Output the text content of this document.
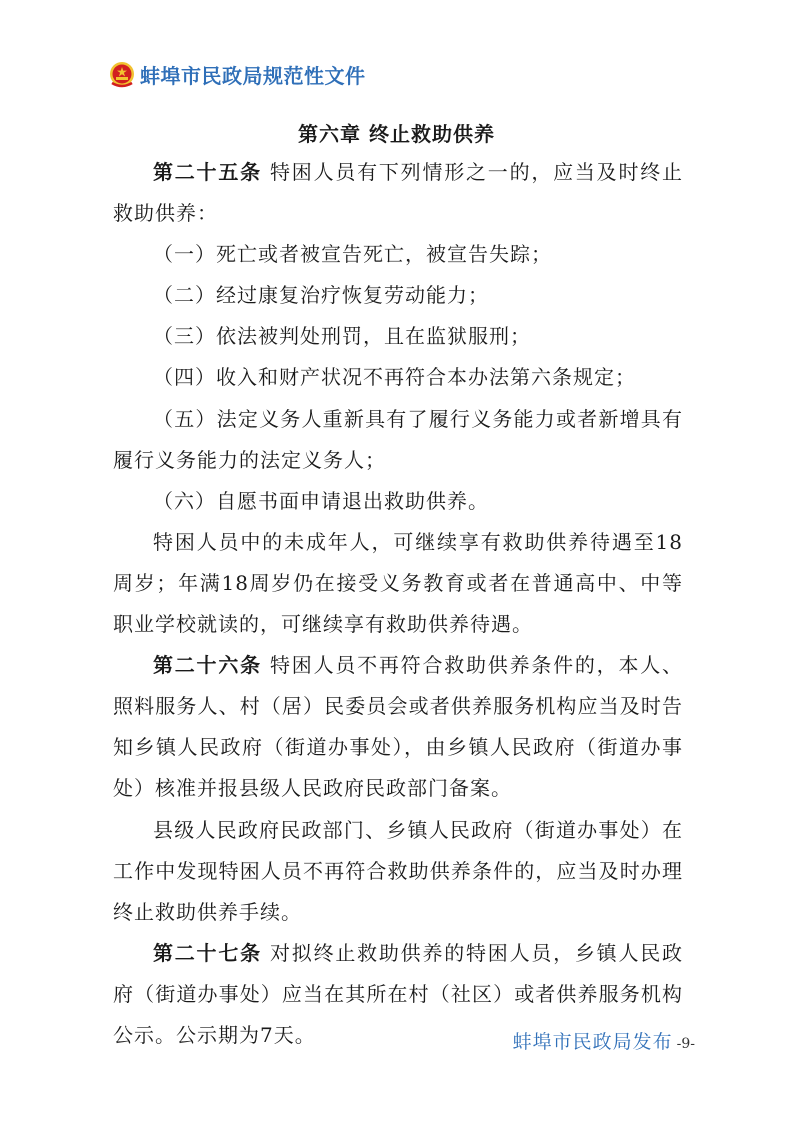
蚌埠市民政局规范性文件
第六章 终止救助供养

第二十五条 特困人员有下列情形之一的，应当及时终止救助供养：

（一）死亡或者被宣告死亡，被宣告失踪；

（二）经过康复治疗恢复劳动能力；

（三）依法被判处刑罚，且在监狱服刑；

（四）收入和财产状况不再符合本办法第六条规定；

（五）法定义务人重新具有了履行义务能力或者新增具有履行义务能力的法定义务人；

（六）自愿书面申请退出救助供养。

特困人员中的未成年人，可继续享有救助供养待遇至18周岁；年满18周岁仍在接受义务教育或者在普通高中、中等职业学校就读的，可继续享有救助供养待遇。

第二十六条 特困人员不再符合救助供养条件的，本人、照料服务人、村（居）民委员会或者供养服务机构应当及时告知乡镇人民政府（街道办事处），由乡镇人民政府（街道办事处）核准并报县级人民政府民政部门备案。

县级人民政府民政部门、乡镇人民政府（街道办事处）在工作中发现特困人员不再符合救助供养条件的，应当及时办理终止救助供养手续。

第二十七条 对拟终止救助供养的特困人员，乡镇人民政府（街道办事处）应当在其所在村（社区）或者供养服务机构公示。公示期为7天。	蚌埠市民政局发布 -9-
